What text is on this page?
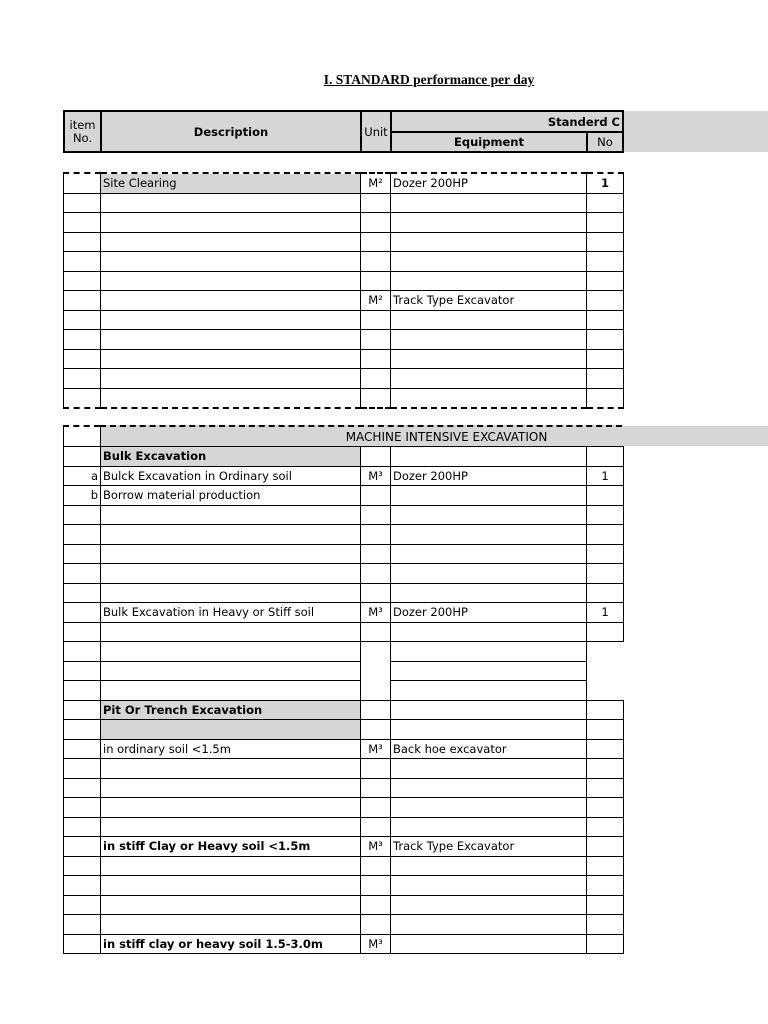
I. STANDARD performance per day
item
No.	Description	Unit
Standerd C
Equipment	No
	Site Clearing	M²	Dozer 200HP	1

		M²	Track Type Excavator	

MACHINE INTENSIVE EXCAVATION
	Bulk Excavation			
a	Bulck Excavation in Ordinary soil	M³	Dozer 200HP	1
b	Borrow material production			

	Bulk Excavation in Heavy or Stiff soil	M³	Dozer 200HP	1

	Pit Or Trench Excavation			

	in ordinary soil <1.5m	M³	Back hoe excavator	

	in stiff Clay or Heavy soil <1.5m	M³	Track Type Excavator	

	in stiff clay or heavy soil 1.5-3.0m	M³		
